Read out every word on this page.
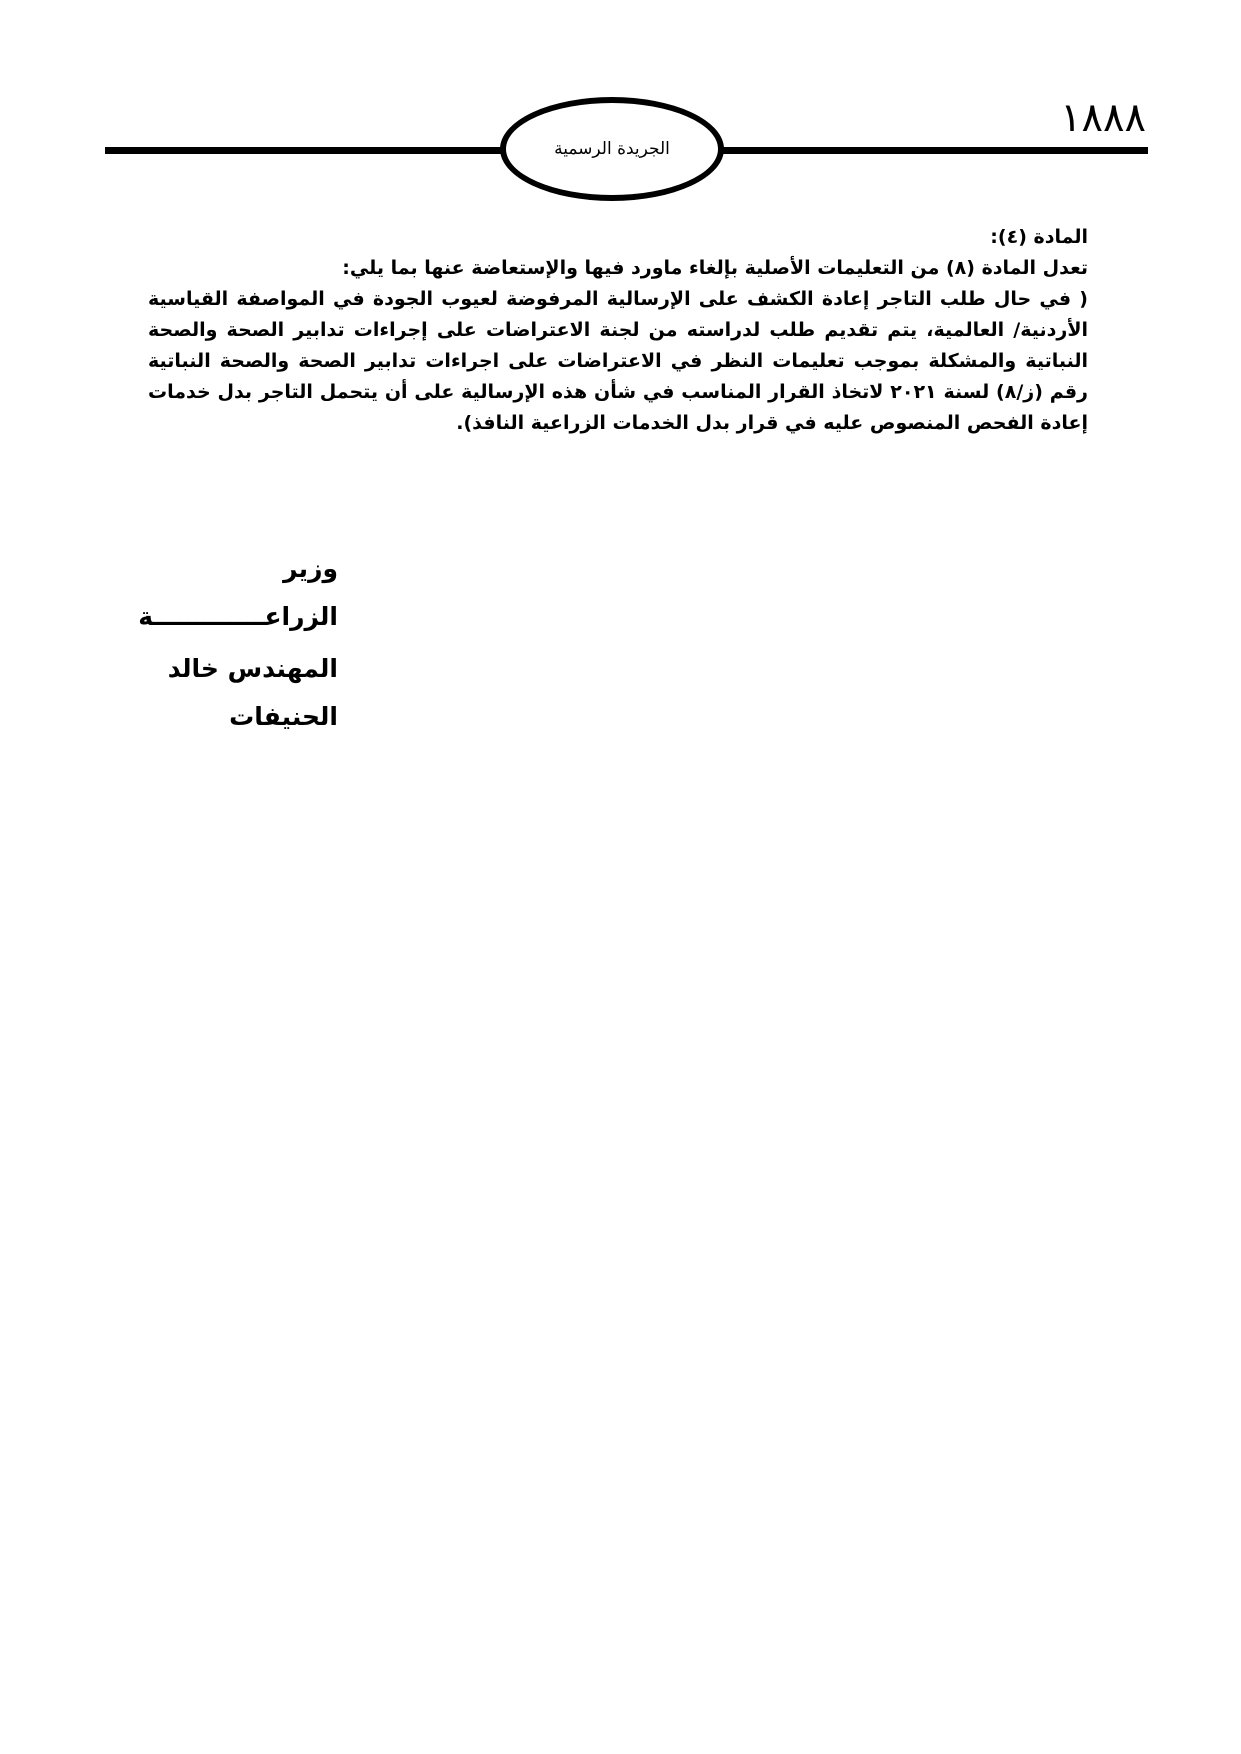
الجريدة الرسمية
١٨٨٨

المادة (٤):

تعدل المادة (٨) من التعليمات الأصلية بإلغاء ماورد فيها والإستعاضة عنها بما يلي:

( في حال طلب التاجر إعادة الكشف على الإرسالية المرفوضة لعيوب الجودة في المواصفة القياسية الأردنية/ العالمية، يتم تقديم طلب لدراسته من لجنة الاعتراضات على إجراءات تدابير الصحة والصحة النباتية والمشكلة بموجب تعليمات النظر في الاعتراضات على اجراءات تدابير الصحة والصحة النباتية رقم (ز/٨) لسنة ٢٠٢١ لاتخاذ القرار المناسب في شأن هذه الإرسالية على أن يتحمل التاجر بدل خدمات إعادة الفحص المنصوص عليه في قرار بدل الخدمات الزراعية النافذ).

وزير الزراعـــــــــــــة
المهندس خالد الحنيفات
